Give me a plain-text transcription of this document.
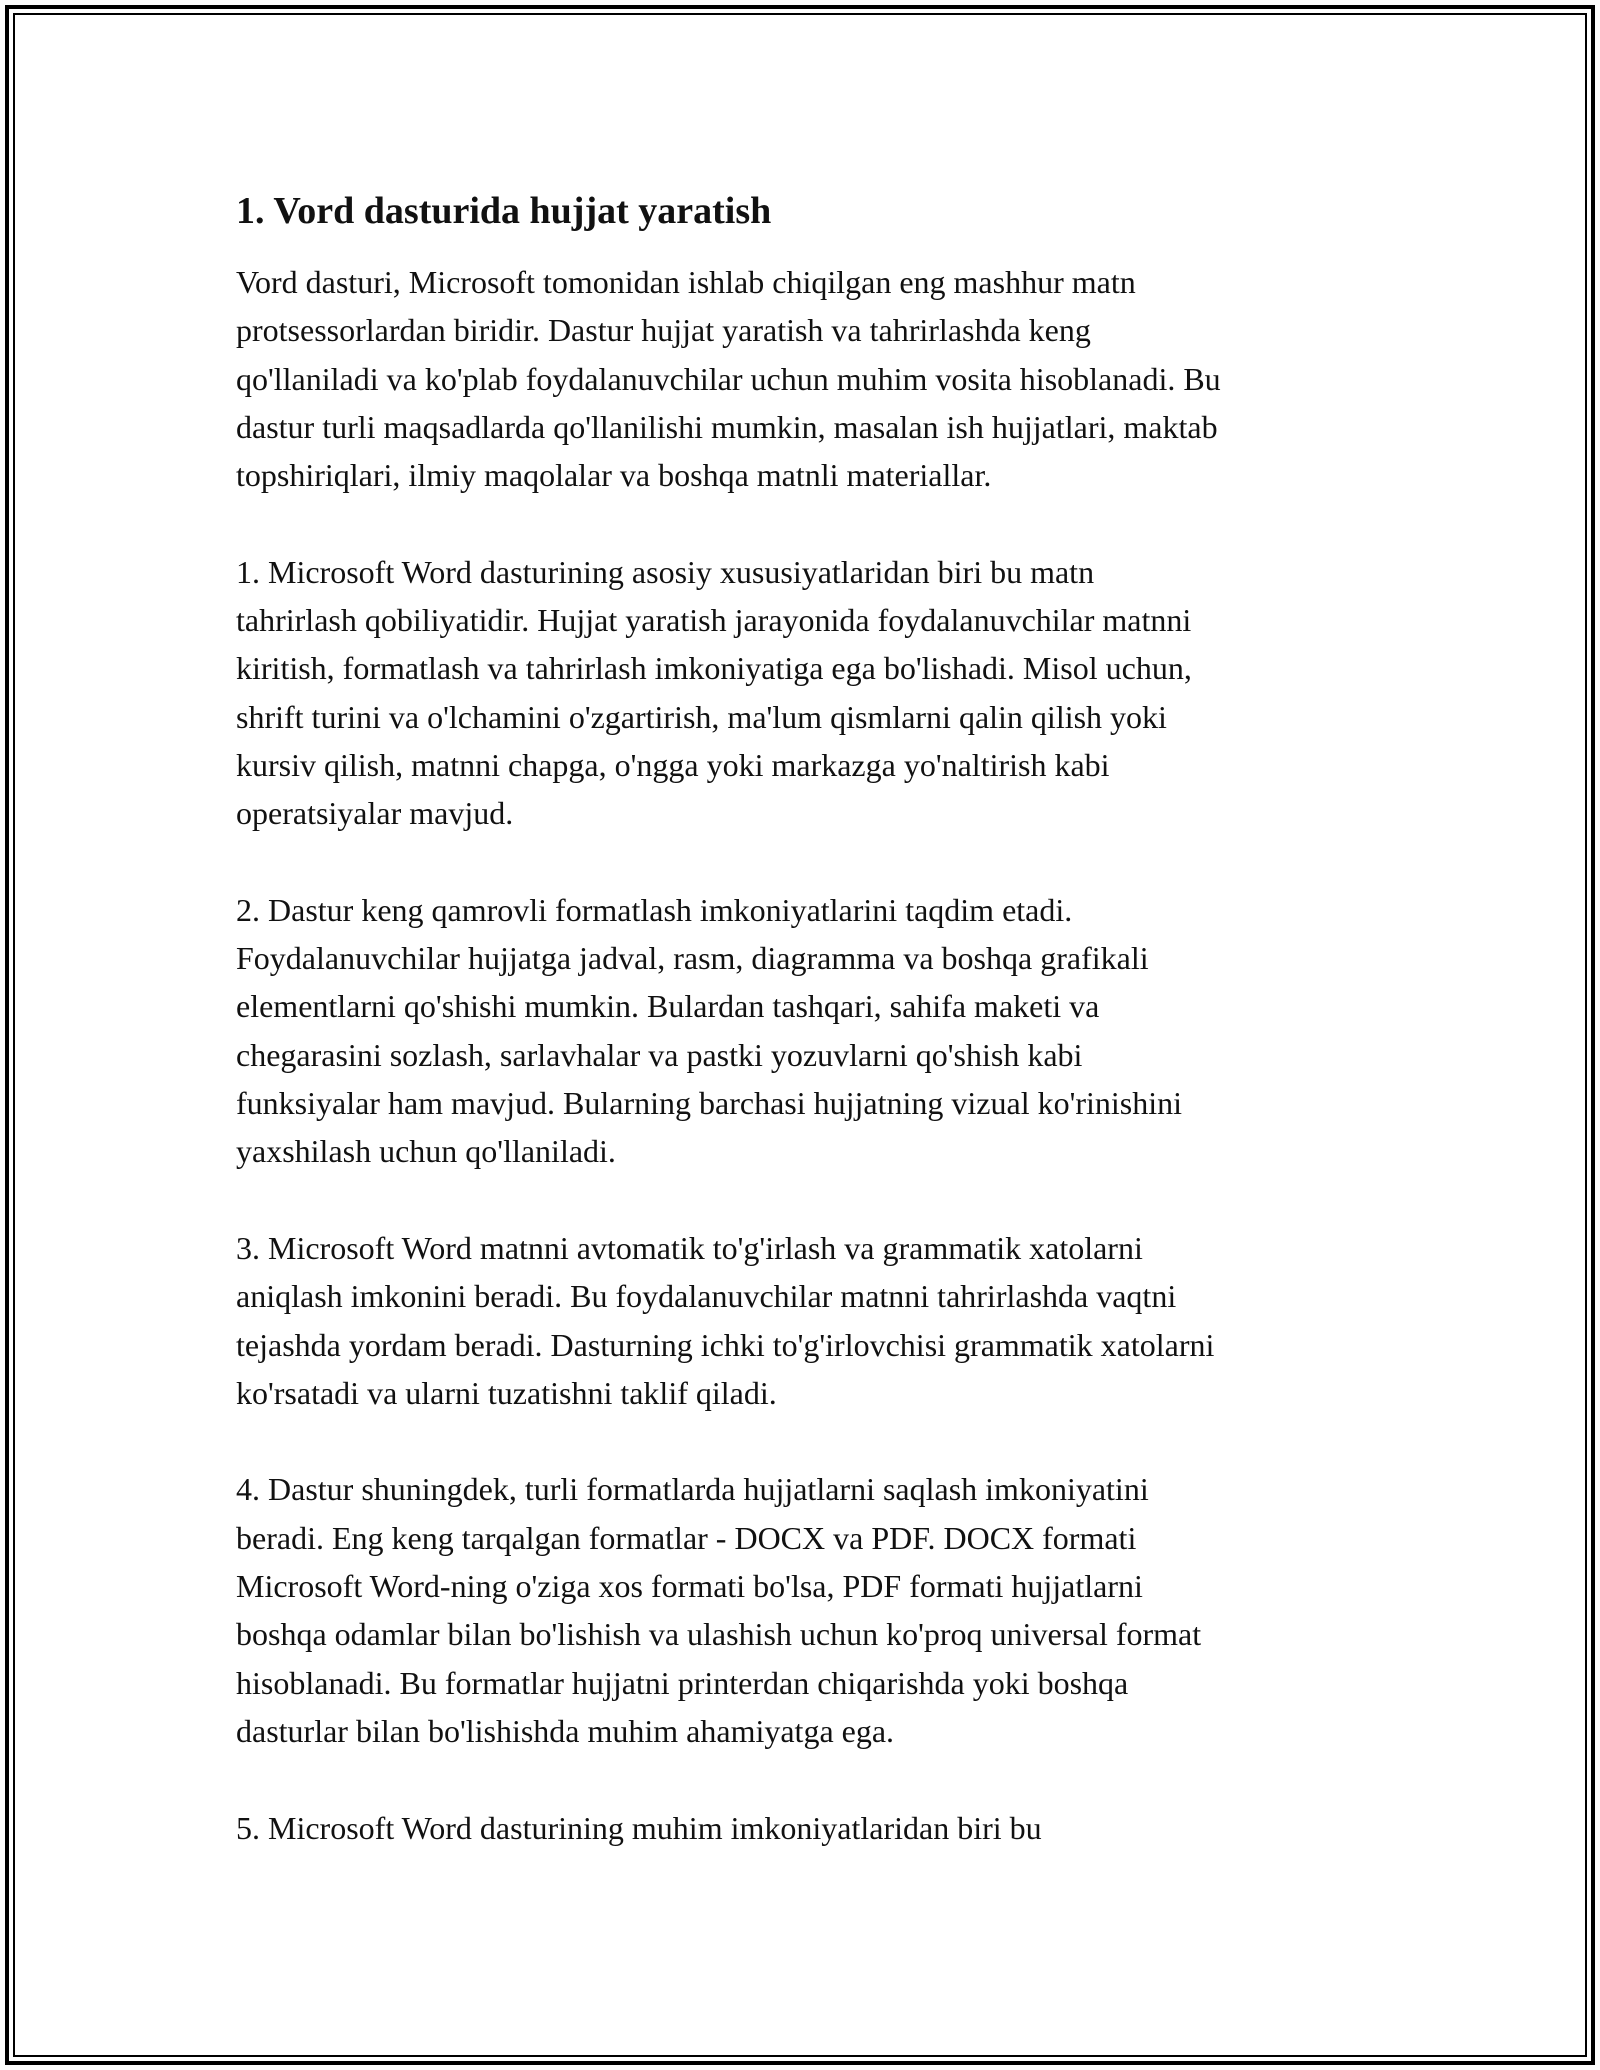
1. Vord dasturida hujjat yaratish

Vord dasturi, Microsoft tomonidan ishlab chiqilgan eng mashhur matn
protsessorlardan biridir. Dastur hujjat yaratish va tahrirlashda keng
qo'llaniladi va ko'plab foydalanuvchilar uchun muhim vosita hisoblanadi. Bu
dastur turli maqsadlarda qo'llanilishi mumkin, masalan ish hujjatlari, maktab
topshiriqlari, ilmiy maqolalar va boshqa matnli materiallar.

1. Microsoft Word dasturining asosiy xususiyatlaridan biri bu matn
tahrirlash qobiliyatidir. Hujjat yaratish jarayonida foydalanuvchilar matnni
kiritish, formatlash va tahrirlash imkoniyatiga ega bo'lishadi. Misol uchun,
shrift turini va o'lchamini o'zgartirish, ma'lum qismlarni qalin qilish yoki
kursiv qilish, matnni chapga, o'ngga yoki markazga yo'naltirish kabi
operatsiyalar mavjud.

2. Dastur keng qamrovli formatlash imkoniyatlarini taqdim etadi.
Foydalanuvchilar hujjatga jadval, rasm, diagramma va boshqa grafikali
elementlarni qo'shishi mumkin. Bulardan tashqari, sahifa maketi va
chegarasini sozlash, sarlavhalar va pastki yozuvlarni qo'shish kabi
funksiyalar ham mavjud. Bularning barchasi hujjatning vizual ko'rinishini
yaxshilash uchun qo'llaniladi.

3. Microsoft Word matnni avtomatik to'g'irlash va grammatik xatolarni
aniqlash imkonini beradi. Bu foydalanuvchilar matnni tahrirlashda vaqtni
tejashda yordam beradi. Dasturning ichki to'g'irlovchisi grammatik xatolarni
ko'rsatadi va ularni tuzatishni taklif qiladi.

4. Dastur shuningdek, turli formatlarda hujjatlarni saqlash imkoniyatini
beradi. Eng keng tarqalgan formatlar - DOCX va PDF. DOCX formati
Microsoft Word-ning o'ziga xos formati bo'lsa, PDF formati hujjatlarni
boshqa odamlar bilan bo'lishish va ulashish uchun ko'proq universal format
hisoblanadi. Bu formatlar hujjatni printerdan chiqarishda yoki boshqa
dasturlar bilan bo'lishishda muhim ahamiyatga ega.

5. Microsoft Word dasturining muhim imkoniyatlaridan biri bu
